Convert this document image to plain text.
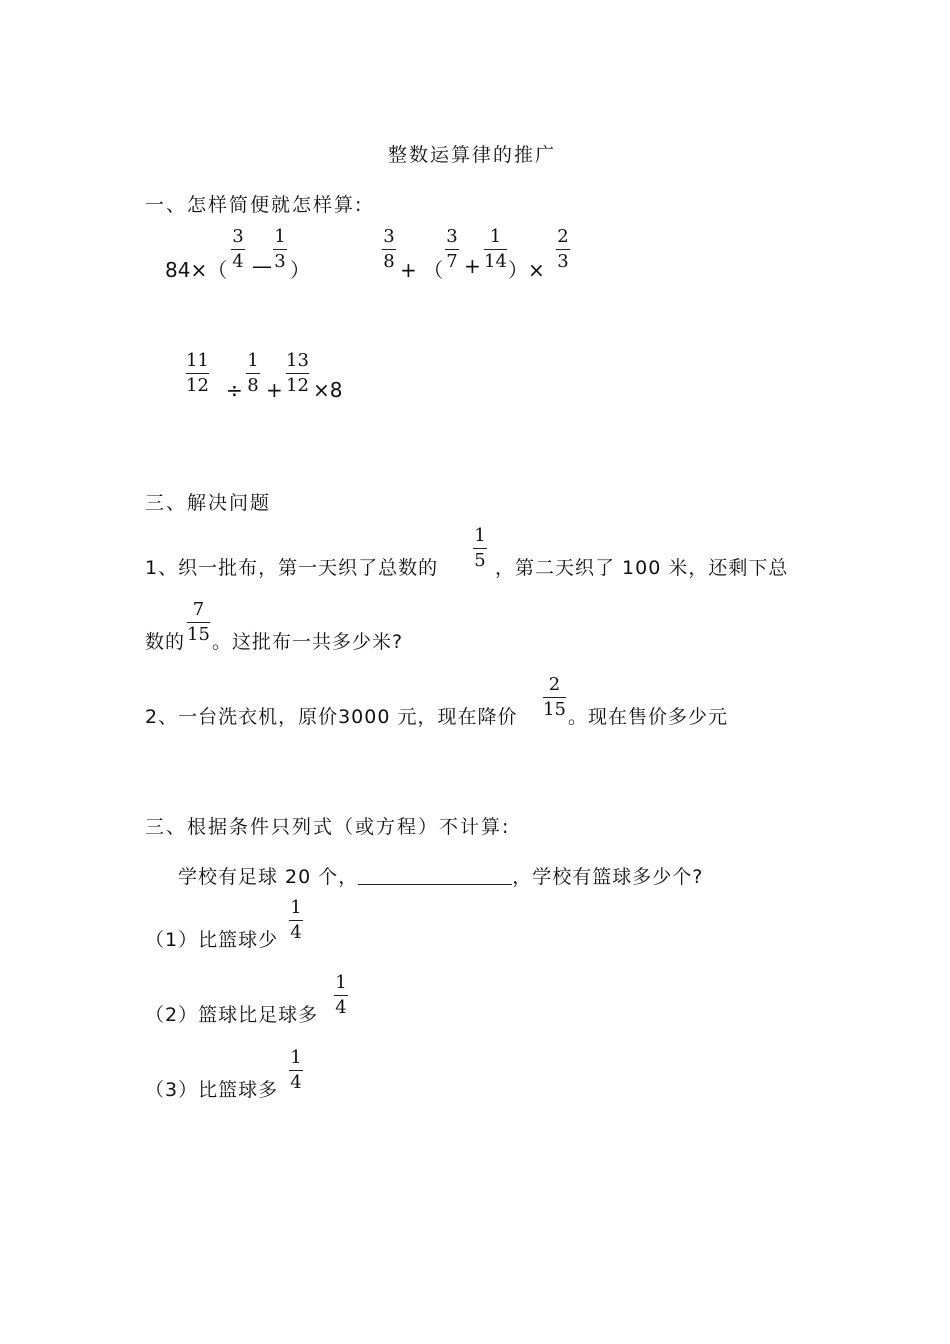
整数运算律的推广
一、怎样简便就怎样算:
84×（
3
4 —
1
3 ）
3
8 + （
3
7 +
1
14 ）×
2
3
11
12 ÷
1
8 +
13
12 ×8
三、解决问题
1、织一批布，第一天织了总数的
1
5 ，第二天织了 100 米，还剩下总
数的
7
15 。这批布一共多少米?
2、一台洗衣机，原价3000 元，现在降价
2
15 。现在售价多少元
三、根据条件只列式（或方程）不计算:
学校有足球 20 个，	，学校有篮球多少个?
（1）比篮球少
1
4
（2）篮球比足球多
1
4
（3）比篮球多
1
4
